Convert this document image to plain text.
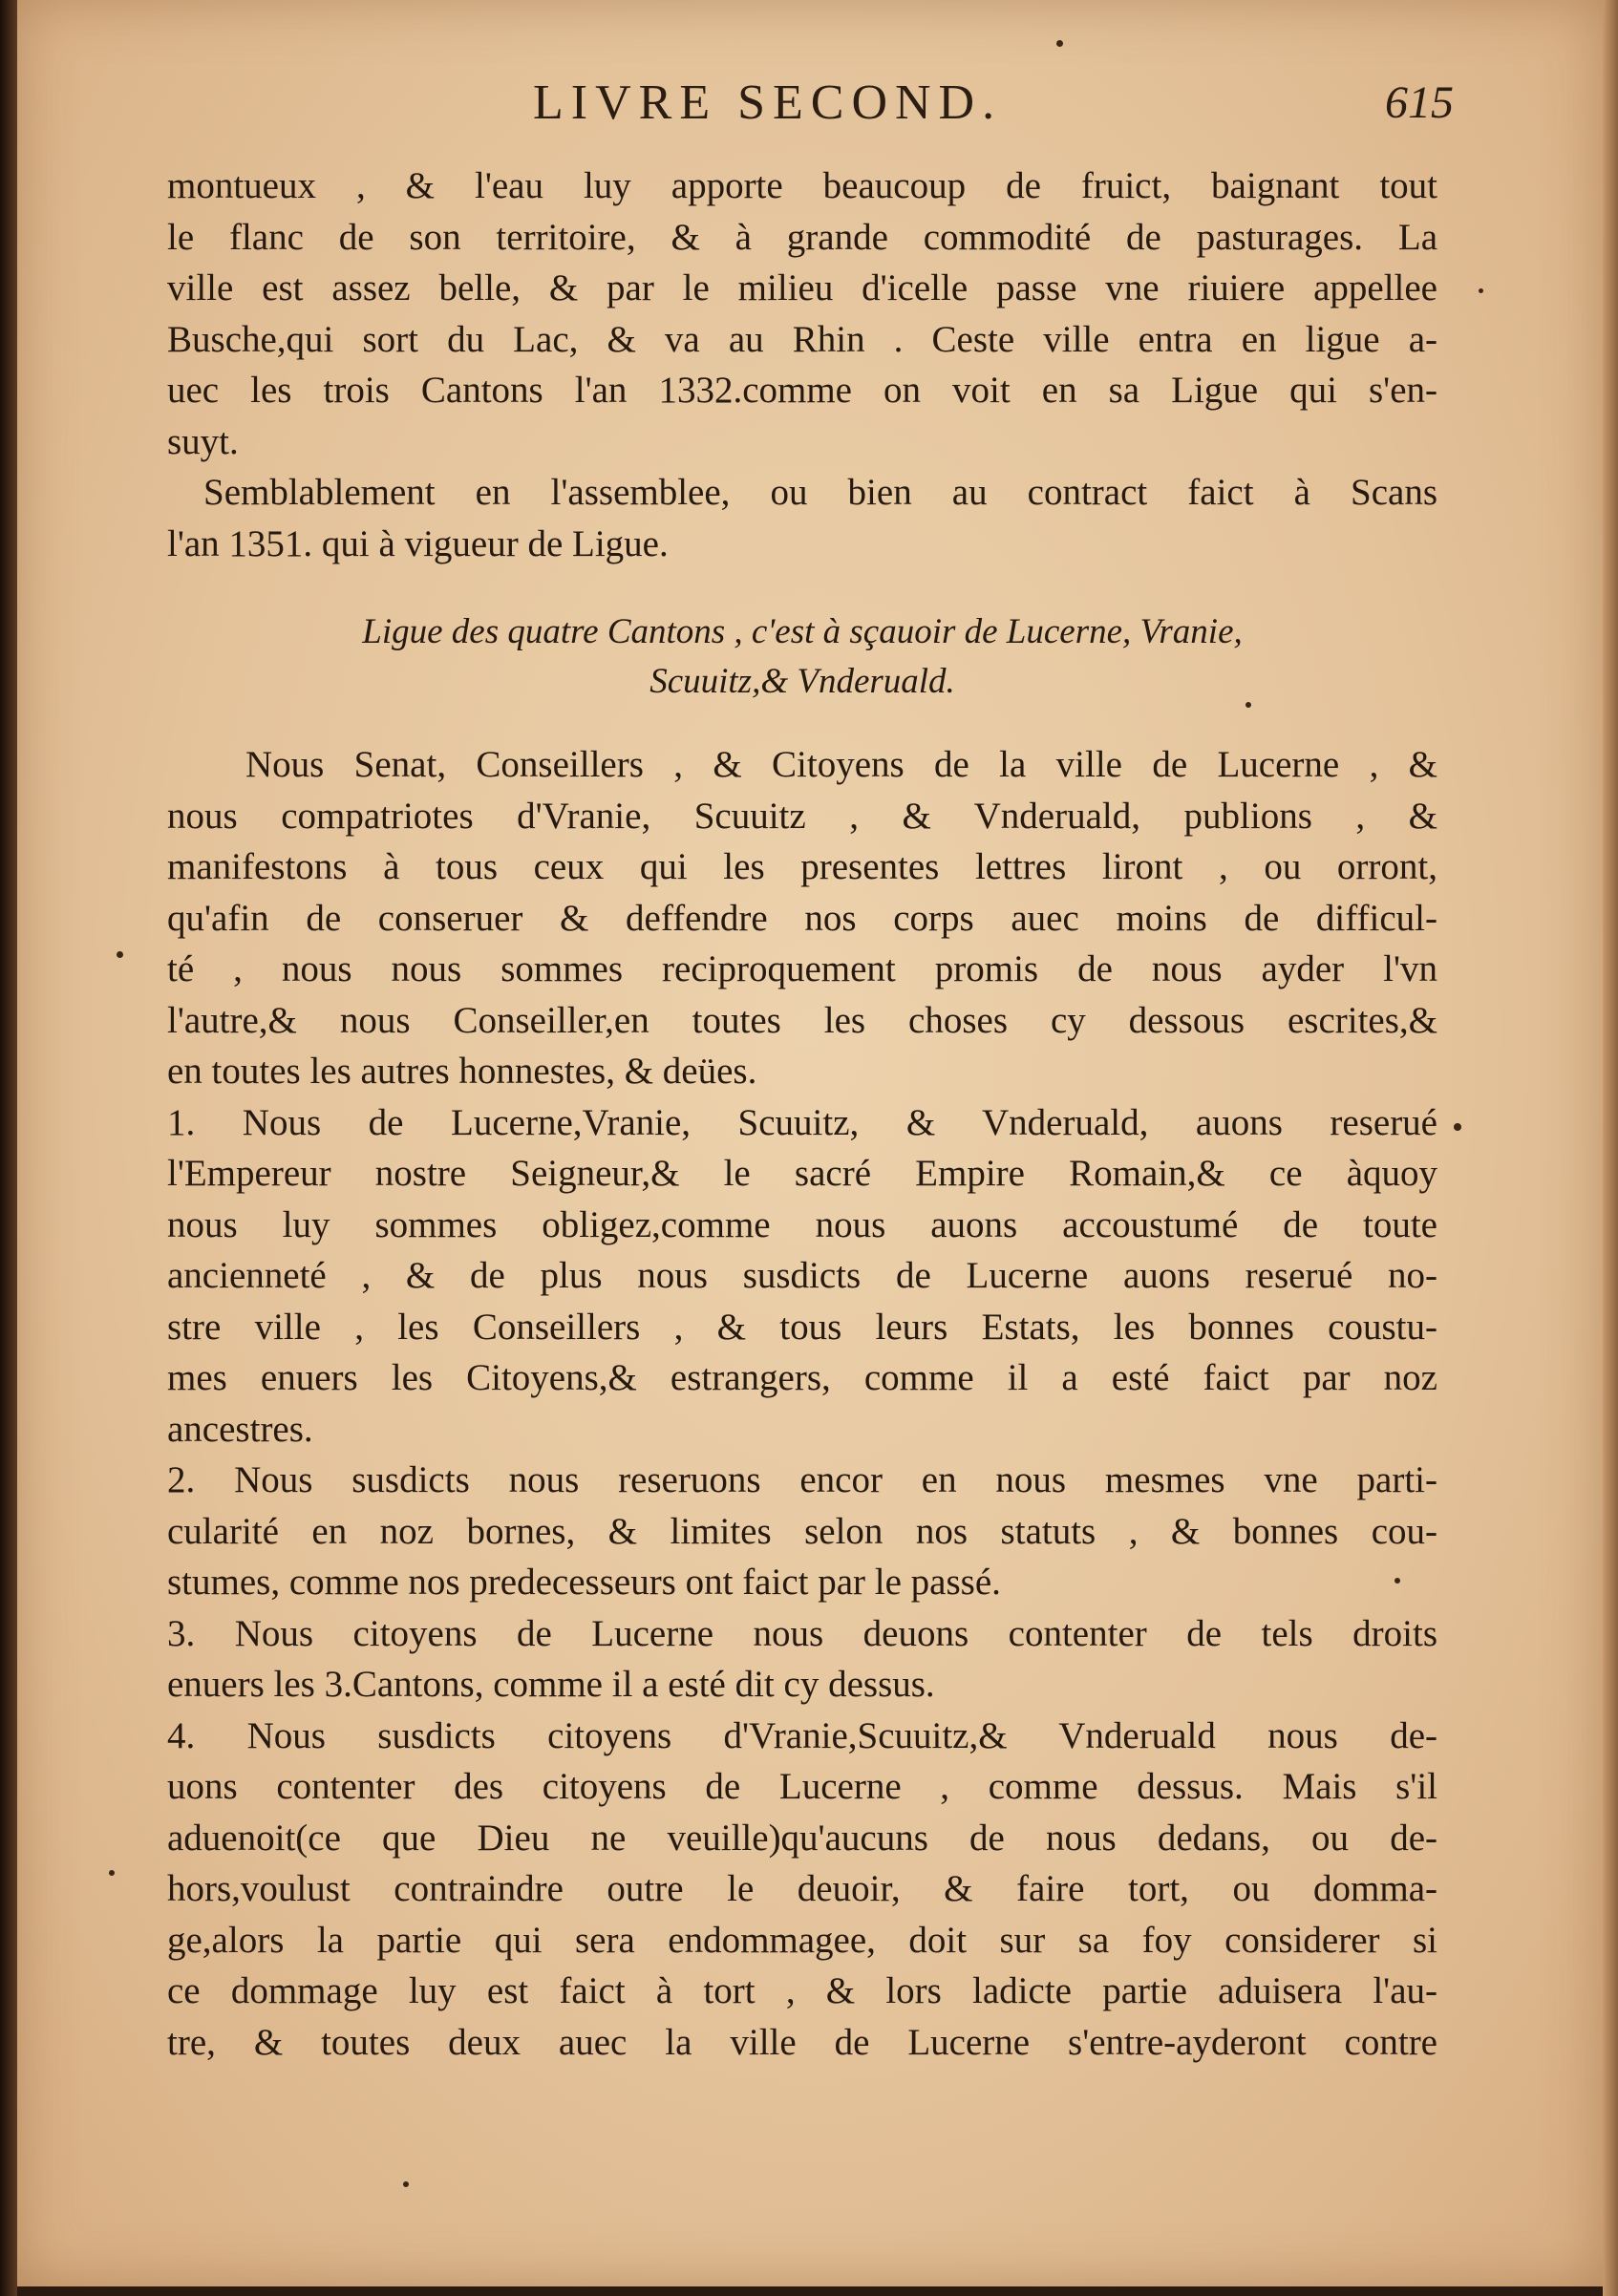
LIVRE SECOND.	615
montueux , & l'eau luy apporte beaucoup de fruict, baignant tout
le flanc de son territoire, & à grande commodité de pasturages. La
ville est assez belle, & par le milieu d'icelle passe vne riuiere appellee
Busche,qui sort du Lac, & va au Rhin . Ceste ville entra en ligue a-
uec les trois Cantons l'an 1332.comme on voit en sa Ligue qui s'en-
suyt.
Semblablement en l'assemblee, ou bien au contract faict à Scans
l'an 1351. qui à vigueur de Ligue.
Ligue des quatre Cantons , c'est à sçauoir de Lucerne, Vranie,
Scuuitz,& Vnderuald.
Nous Senat, Conseillers , & Citoyens de la ville de Lucerne , &
nous compatriotes d'Vranie, Scuuitz , & Vnderuald, publions , &
manifestons à tous ceux qui les presentes lettres liront , ou orront,
qu'afin de conseruer & deffendre nos corps auec moins de difficul-
té , nous nous sommes reciproquement promis de nous ayder l'vn
l'autre,& nous Conseiller,en toutes les choses cy dessous escrites,&
en toutes les autres honnestes, & deües.
1. Nous de Lucerne,Vranie, Scuuitz, & Vnderuald, auons reserué
l'Empereur nostre Seigneur,& le sacré Empire Romain,& ce àquoy
nous luy sommes obligez,comme nous auons accoustumé de toute
ancienneté , & de plus nous susdicts de Lucerne auons reserué no-
stre ville , les Conseillers , & tous leurs Estats, les bonnes coustu-
mes enuers les Citoyens,& estrangers, comme il a esté faict par noz
ancestres.
2. Nous susdicts nous reseruons encor en nous mesmes vne parti-
cularité en noz bornes, & limites selon nos statuts , & bonnes cou-
stumes, comme nos predecesseurs ont faict par le passé.
3. Nous citoyens de Lucerne nous deuons contenter de tels droits
enuers les 3.Cantons, comme il a esté dit cy dessus.
4. Nous susdicts citoyens d'Vranie,Scuuitz,& Vnderuald nous de-
uons contenter des citoyens de Lucerne , comme dessus. Mais s'il
aduenoit(ce que Dieu ne veuille)qu'aucuns de nous dedans, ou de-
hors,voulust contraindre outre le deuoir, & faire tort, ou domma-
ge,alors la partie qui sera endommagee, doit sur sa foy considerer si
ce dommage luy est faict à tort , & lors ladicte partie aduisera l'au-
tre, & toutes deux auec la ville de Lucerne s'entre-ayderont contre
